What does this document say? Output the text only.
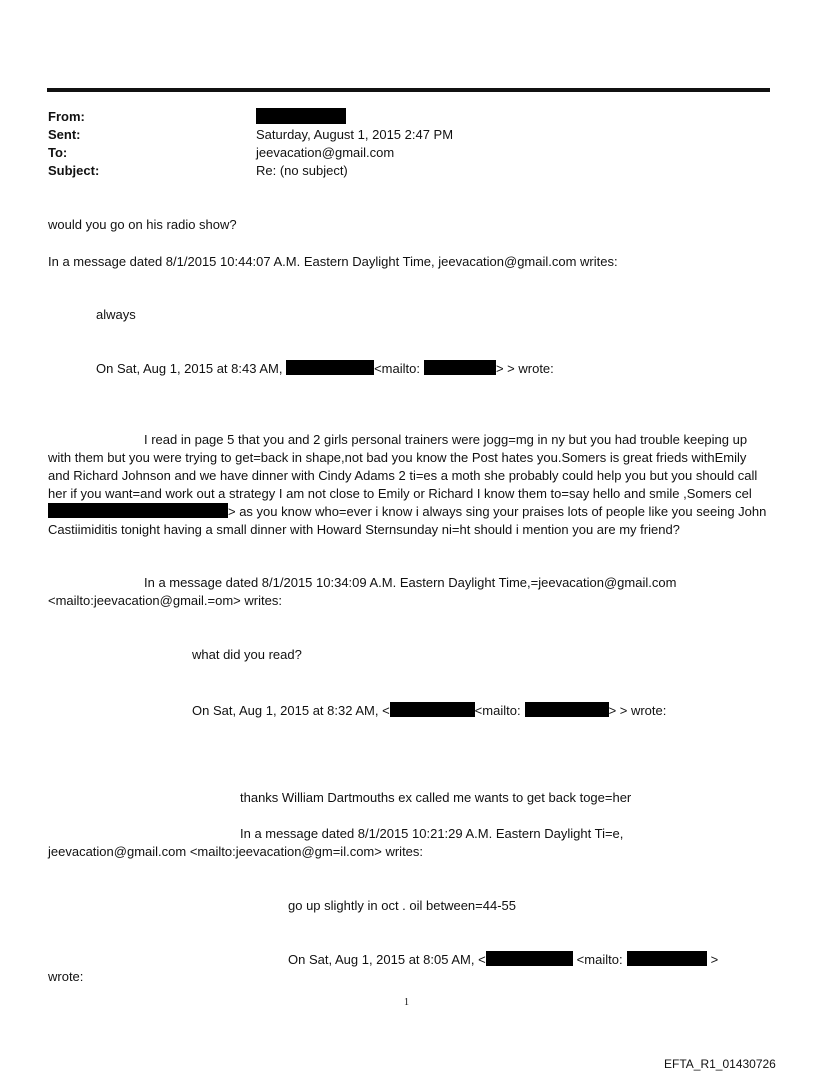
From:
Sent:	Saturday, August 1, 2015 2:47 PM
To:	jeevacation@gmail.com
Subject:	Re: (no subject)
would you go on his radio show?
In a message dated 8/1/2015 10:44:07 A.M. Eastern Daylight Time, jeevacation@gmail.com writes:
always
On Sat, Aug 1, 2015 at 8:43 AM,	<mailto:	> > wrote:
I read in page 5 that you and 2 girls personal trainers were jogg=mg in ny but you had trouble keeping up with them but you were trying to get=back in shape,not bad you know the Post hates you.Somers is great frieds withEmily and Richard Johnson and we have dinner with Cindy Adams 2 ti=es a moth she probably could help you but you should call her if you want=and work out a strategy I am not close to Emily or Richard I know them to=say hello and smile ,Somers cel> as you know who=ever i know i always sing your praises lots of people like you seeing John Castiimiditis tonight having a small dinner with Howard Sternsunday ni=ht should i mention you are my friend?
In a message dated 8/1/2015 10:34:09 A.M. Eastern Daylight Time,=jeevacation@gmail.com
<mailto:jeevacation@gmail.=om> writes:
what did you read?
On Sat, Aug 1, 2015 at 8:32 AM, <	<mailto:	> > wrote:
thanks William Dartmouths ex called me wants to get back toge=her
In a message dated 8/1/2015 10:21:29 A.M. Eastern Daylight Ti=e,
jeevacation@gmail.com <mailto:jeevacation@gm=il.com> writes:
go up slightly in oct . oil between=44-55
On Sat, Aug 1, 2015 at 8:05 AM, <	<mailto:	>
wrote:
1
EFTA_R1_01430726
